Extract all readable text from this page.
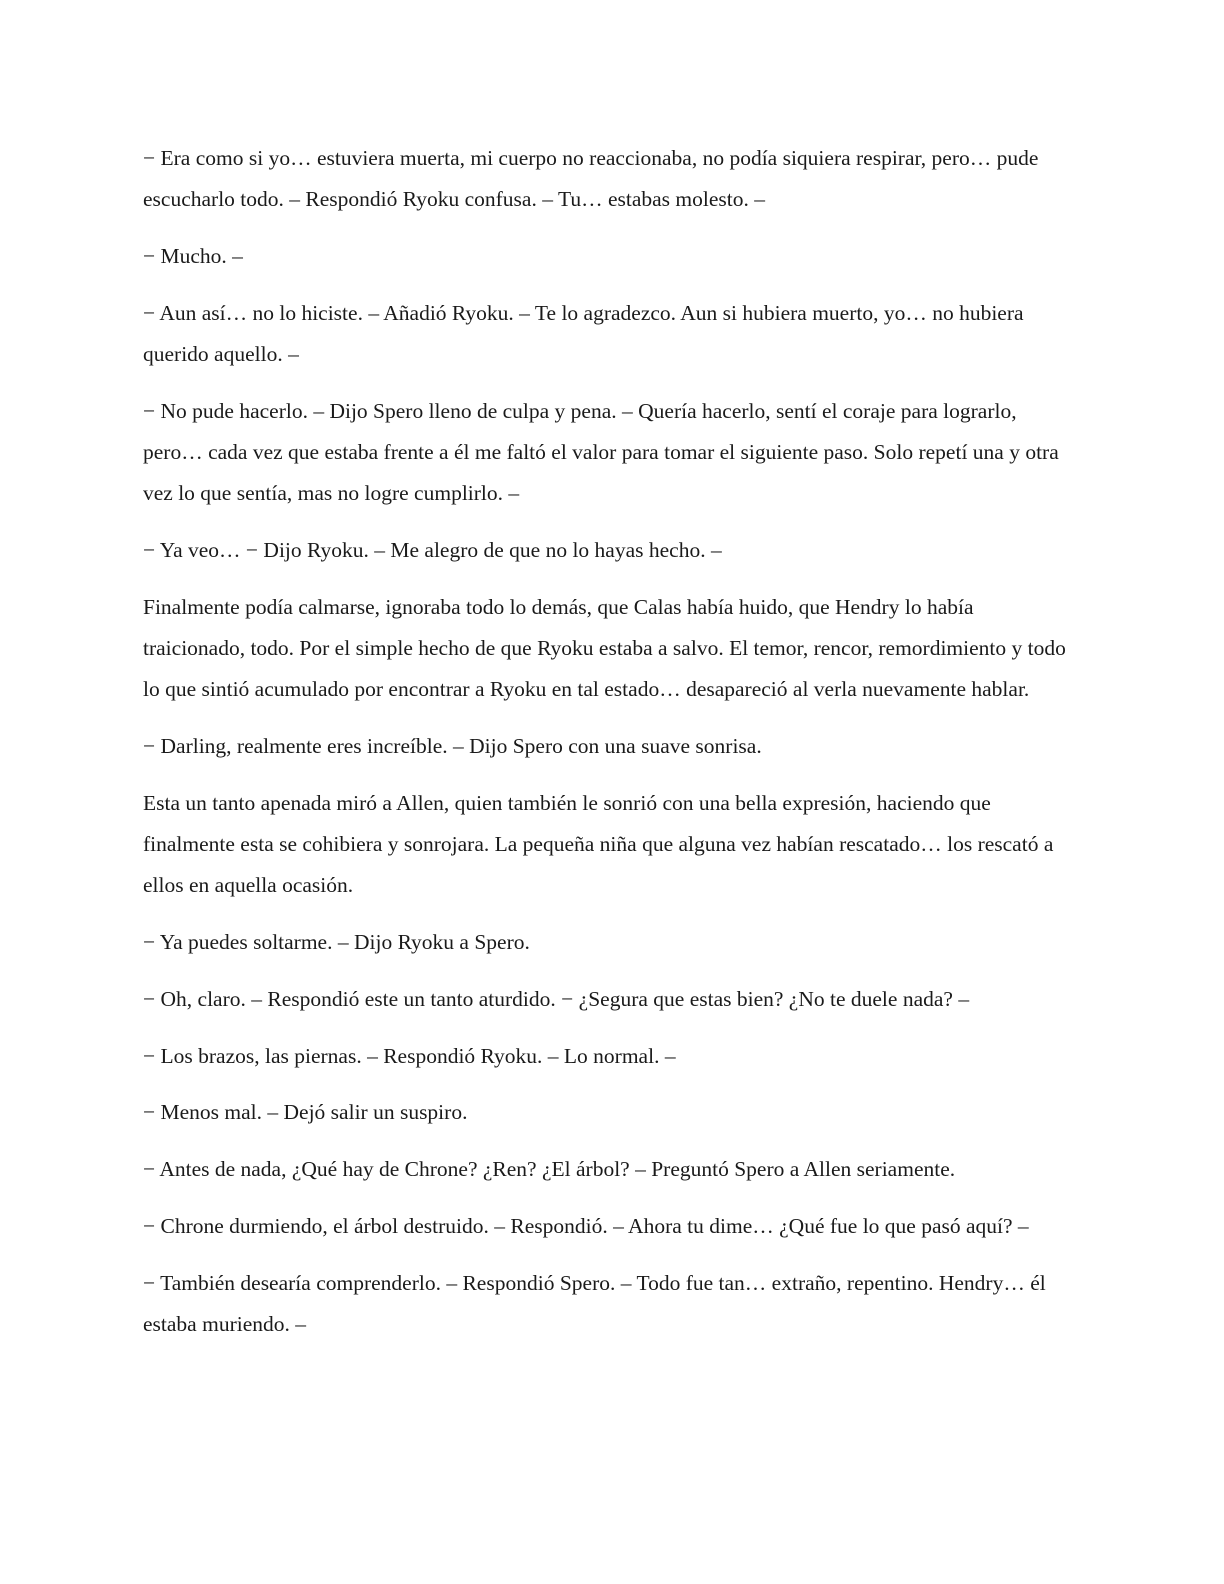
− Era como si yo… estuviera muerta, mi cuerpo no reaccionaba, no podía siquiera respirar, pero… pude escucharlo todo. – Respondió Ryoku confusa. – Tu… estabas molesto. –

− Mucho. –

− Aun así… no lo hiciste. – Añadió Ryoku. – Te lo agradezco. Aun si hubiera muerto, yo… no hubiera querido aquello. –

− No pude hacerlo. – Dijo Spero lleno de culpa y pena. – Quería hacerlo, sentí el coraje para lograrlo, pero… cada vez que estaba frente a él me faltó el valor para tomar el siguiente paso. Solo repetí una y otra vez lo que sentía, mas no logre cumplirlo. –

− Ya veo… − Dijo Ryoku. – Me alegro de que no lo hayas hecho. –

Finalmente podía calmarse, ignoraba todo lo demás, que Calas había huido, que Hendry lo había traicionado, todo. Por el simple hecho de que Ryoku estaba a salvo. El temor, rencor, remordimiento y todo lo que sintió acumulado por encontrar a Ryoku en tal estado… desapareció al verla nuevamente hablar.

− Darling, realmente eres increíble. – Dijo Spero con una suave sonrisa.

Esta un tanto apenada miró a Allen, quien también le sonrió con una bella expresión, haciendo que finalmente esta se cohibiera y sonrojara. La pequeña niña que alguna vez habían rescatado… los rescató a ellos en aquella ocasión.

− Ya puedes soltarme. – Dijo Ryoku a Spero.

− Oh, claro. – Respondió este un tanto aturdido. − ¿Segura que estas bien? ¿No te duele nada? –

− Los brazos, las piernas. – Respondió Ryoku. – Lo normal. –

− Menos mal. – Dejó salir un suspiro.

− Antes de nada, ¿Qué hay de Chrone? ¿Ren? ¿El árbol? – Preguntó Spero a Allen seriamente.

− Chrone durmiendo, el árbol destruido. – Respondió. – Ahora tu dime… ¿Qué fue lo que pasó aquí? –

− También desearía comprenderlo. – Respondió Spero. – Todo fue tan… extraño, repentino. Hendry… él estaba muriendo. –
